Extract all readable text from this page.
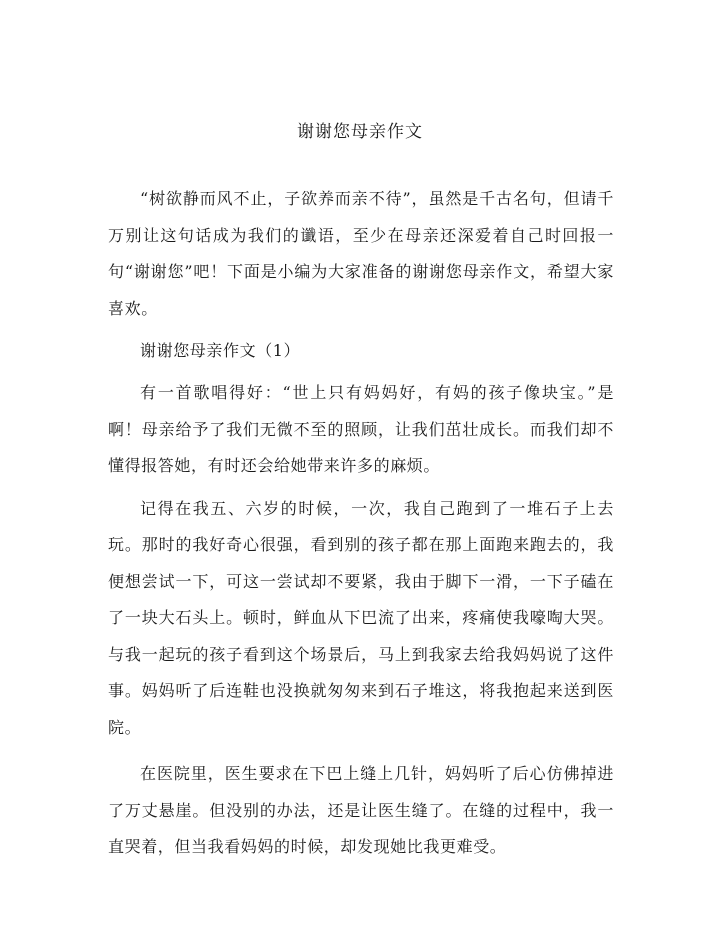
谢谢您母亲作文

“树欲静而风不止，子欲养而亲不待”，虽然是千古名句，但请千万别让这句话成为我们的谶语，至少在母亲还深爱着自己时回报一句“谢谢您”吧！下面是小编为大家准备的谢谢您母亲作文，希望大家喜欢。

谢谢您母亲作文（1）

有一首歌唱得好：“世上只有妈妈好，有妈的孩子像块宝。”是啊！母亲给予了我们无微不至的照顾，让我们茁壮成长。而我们却不懂得报答她，有时还会给她带来许多的麻烦。

记得在我五、六岁的时候，一次，我自己跑到了一堆石子上去玩。那时的我好奇心很强，看到别的孩子都在那上面跑来跑去的，我便想尝试一下，可这一尝试却不要紧，我由于脚下一滑，一下子磕在了一块大石头上。顿时，鲜血从下巴流了出来，疼痛使我嚎啕大哭。与我一起玩的孩子看到这个场景后，马上到我家去给我妈妈说了这件事。妈妈听了后连鞋也没换就匆匆来到石子堆这，将我抱起来送到医院。

在医院里，医生要求在下巴上缝上几针，妈妈听了后心仿佛掉进了万丈悬崖。但没别的办法，还是让医生缝了。在缝的过程中，我一直哭着，但当我看妈妈的时候，却发现她比我更难受。
